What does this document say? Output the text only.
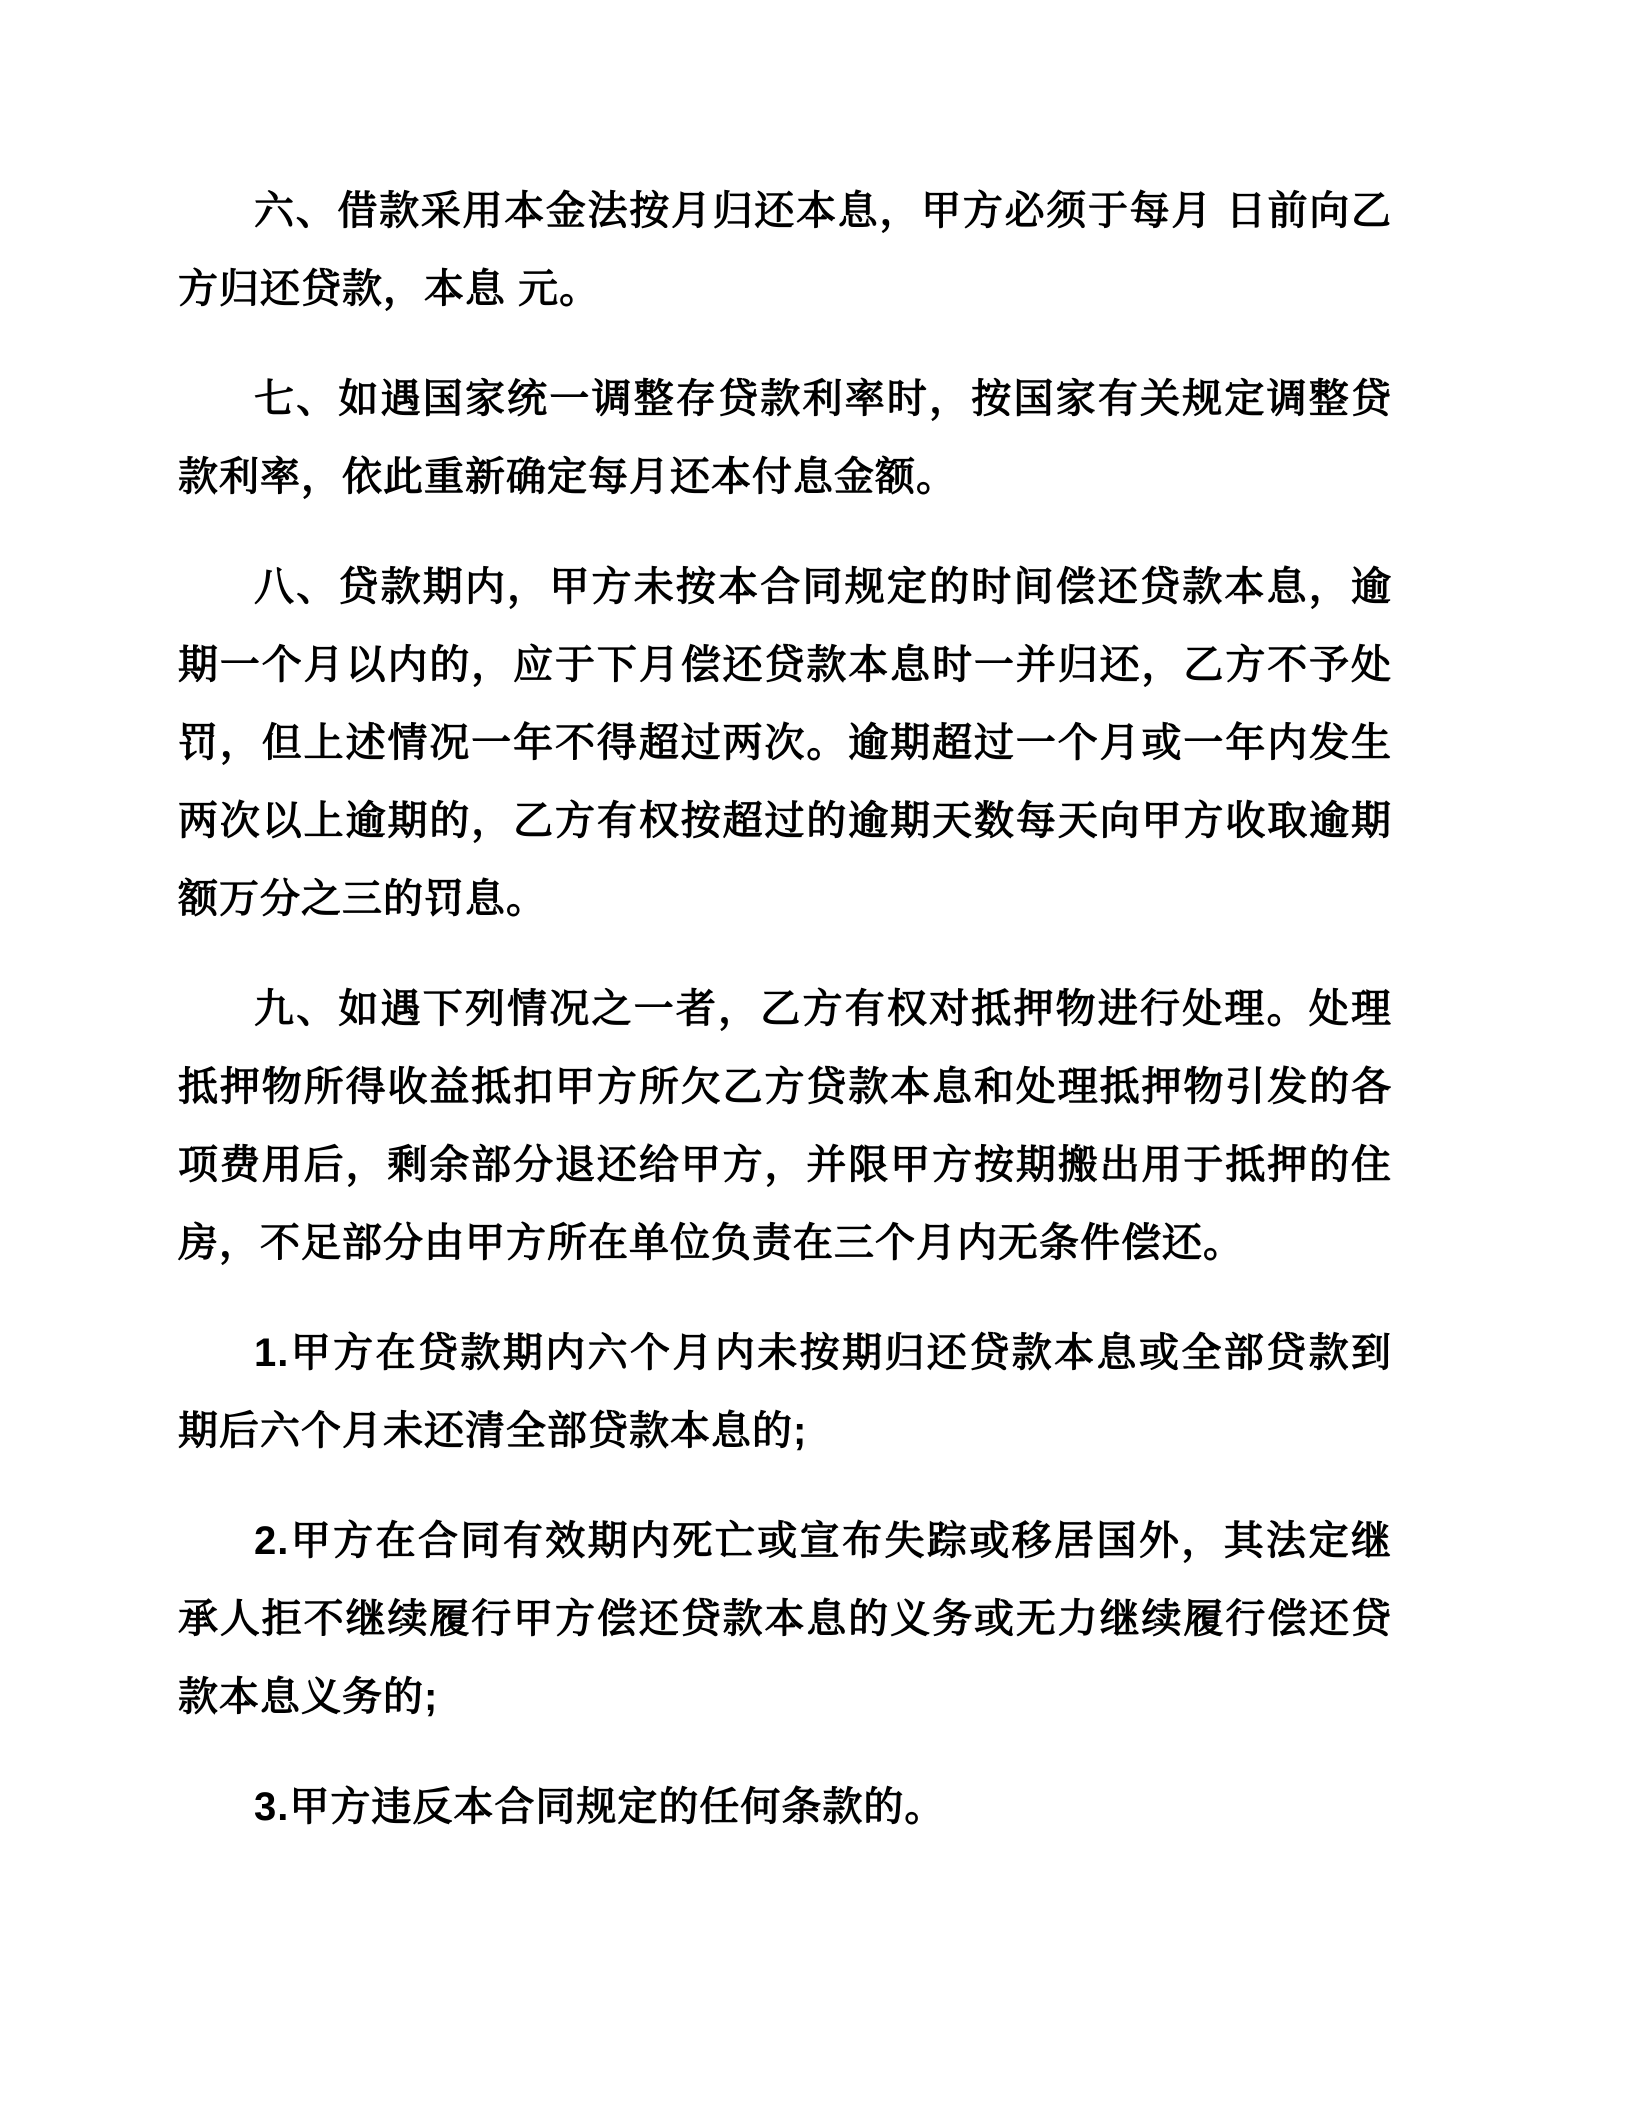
六、借款采用本金法按月归还本息，甲方必须于每月 日前向乙方归还贷款，本息 元。

七、如遇国家统一调整存贷款利率时，按国家有关规定调整贷款利率，依此重新确定每月还本付息金额。

八、贷款期内，甲方未按本合同规定的时间偿还贷款本息，逾期一个月以内的，应于下月偿还贷款本息时一并归还，乙方不予处罚，但上述情况一年不得超过两次。逾期超过一个月或一年内发生两次以上逾期的，乙方有权按超过的逾期天数每天向甲方收取逾期额万分之三的罚息。

九、如遇下列情况之一者，乙方有权对抵押物进行处理。处理抵押物所得收益抵扣甲方所欠乙方贷款本息和处理抵押物引发的各项费用后，剩余部分退还给甲方，并限甲方按期搬出用于抵押的住房，不足部分由甲方所在单位负责在三个月内无条件偿还。

1.甲方在贷款期内六个月内未按期归还贷款本息或全部贷款到期后六个月未还清全部贷款本息的;

2.甲方在合同有效期内死亡或宣布失踪或移居国外，其法定继承人拒不继续履行甲方偿还贷款本息的义务或无力继续履行偿还贷款本息义务的;

3.甲方违反本合同规定的任何条款的。
